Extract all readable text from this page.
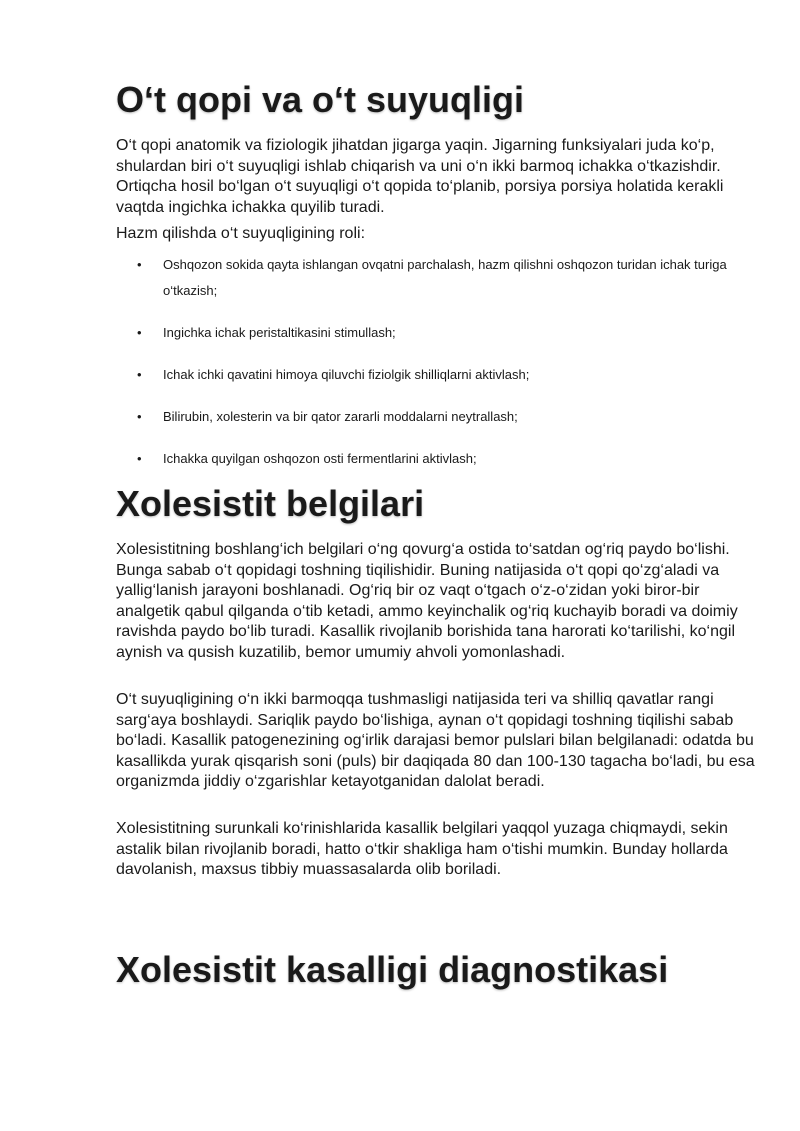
O‘t qopi va o‘t suyuqligi

O‘t qopi anatomik va fiziologik jihatdan jigarga yaqin. Jigarning funksiyalari juda ko‘p, shulardan biri o‘t suyuqligi ishlab chiqarish va uni o‘n ikki barmoq ichakka o‘tkazishdir. Ortiqcha hosil bo‘lgan o‘t suyuqligi o‘t qopida to‘planib, porsiya porsiya holatida kerakli vaqtda ingichka ichakka quyilib turadi.

Hazm qilishda o‘t suyuqligining roli:

• Oshqozon sokida qayta ishlangan ovqatni parchalash, hazm qilishni oshqozon turidan ichak turiga o‘tkazish;
• Ingichka ichak peristaltikasini stimullash;
• Ichak ichki qavatini himoya qiluvchi fiziolgik shilliqlarni aktivlash;
• Bilirubin, xolesterin va bir qator zararli moddalarni neytrallash;
• Ichakka quyilgan oshqozon osti fermentlarini aktivlash;
Xolesistit belgilari

Xolesistitning boshlang‘ich belgilari o‘ng qovurg‘a ostida to‘satdan og‘riq paydo bo‘lishi. Bunga sabab o‘t qopidagi toshning tiqilishidir. Buning natijasida o‘t qopi qo‘zg‘aladi va yallig‘lanish jarayoni boshlanadi. Og‘riq bir oz vaqt o‘tgach o‘z-o‘zidan yoki biror-bir analgetik qabul qilganda o‘tib ketadi, ammo keyinchalik og‘riq kuchayib boradi va doimiy ravishda paydo bo‘lib turadi. Kasallik rivojlanib borishida tana harorati ko‘tarilishi, ko‘ngil aynish va qusish kuzatilib, bemor umumiy ahvoli yomonlashadi.

O‘t suyuqligining o‘n ikki barmoqqa tushmasligi natijasida teri va shilliq qavatlar rangi sarg‘aya boshlaydi. Sariqlik paydo bo‘lishiga, aynan o‘t qopidagi toshning tiqilishi sabab bo‘ladi. Kasallik patogenezining og‘irlik darajasi bemor pulslari bilan belgilanadi: odatda bu kasallikda yurak qisqarish soni (puls) bir daqiqada 80 dan 100-130 tagacha bo‘ladi, bu esa organizmda jiddiy o‘zgarishlar ketayotganidan dalolat beradi.

Xolesistitning surunkali ko‘rinishlarida kasallik belgilari yaqqol yuzaga chiqmaydi, sekin astalik bilan rivojlanib boradi, hatto o‘tkir shakliga ham o‘tishi mumkin. Bunday hollarda davolanish, maxsus tibbiy muassasalarda olib boriladi.

Xolesistit kasalligi diagnostikasi
